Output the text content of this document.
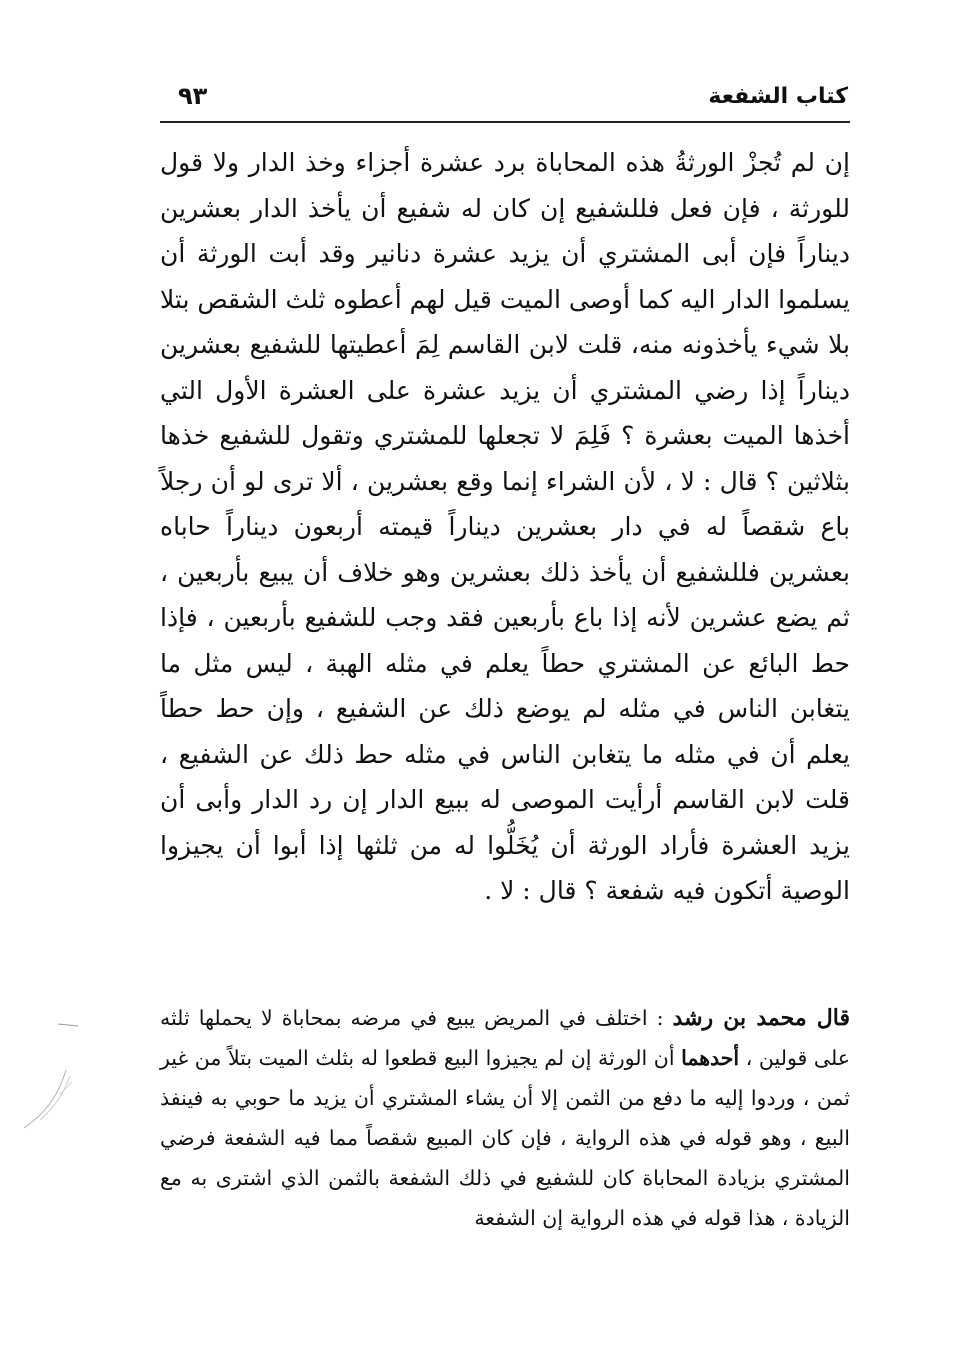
كتاب الشفعة
٩٣

إن لم تُجزْ الورثةُ هذه المحاباة برد عشرة أجزاء وخذ الدار ولا قول للورثة ، فإن فعل فللشفيع إن كان له شفيع أن يأخذ الدار بعشرين ديناراً فإن أبى المشتري أن يزيد عشرة دنانير وقد أبت الورثة أن يسلموا الدار اليه كما أوصى الميت قيل لهم أعطوه ثلث الشقص بتلا بلا شيء يأخذونه منه، قلت لابن القاسم لِمَ أعطيتها للشفيع بعشرين ديناراً إذا رضي المشتري أن يزيد عشرة على العشرة الأول التي أخذها الميت بعشرة ؟ فَلِمَ لا تجعلها للمشتري وتقول للشفيع خذها بثلاثين ؟ قال : لا ، لأن الشراء إنما وقع بعشرين ، ألا ترى لو أن رجلاً باع شقصاً له في دار بعشرين ديناراً قيمته أربعون ديناراً حاباه بعشرين فللشفيع أن يأخذ ذلك بعشرين وهو خلاف أن يبيع بأربعين ، ثم يضع عشرين لأنه إذا باع بأربعين فقد وجب للشفيع بأربعين ، فإذا حط البائع عن المشتري حطاً يعلم في مثله الهبة ، ليس مثل ما يتغابن الناس في مثله لم يوضع ذلك عن الشفيع ، وإن حط حطاً يعلم أن في مثله ما يتغابن الناس في مثله حط ذلك عن الشفيع ، قلت لابن القاسم أرأيت الموصى له ببيع الدار إن رد الدار وأبى أن يزيد العشرة فأراد الورثة أن يُخَلُّوا له من ثلثها إذا أبوا أن يجيزوا الوصية أتكون فيه شفعة ؟ قال : لا .

قال محمد بن رشد : اختلف في المريض يبيع في مرضه بمحاباة لا يحملها ثلثه على قولين ، أحدهما أن الورثة إن لم يجيزوا البيع قطعوا له بثلث الميت بتلاً من غير ثمن ، وردوا إليه ما دفع من الثمن إلا أن يشاء المشتري أن يزيد ما حوبي به فينفذ البيع ، وهو قوله في هذه الرواية ، فإن كان المبيع شقصاً مما فيه الشفعة فرضي المشتري بزيادة المحاباة كان للشفيع في ذلك الشفعة بالثمن الذي اشترى به مع الزيادة ، هذا قوله في هذه الرواية إن الشفعة
